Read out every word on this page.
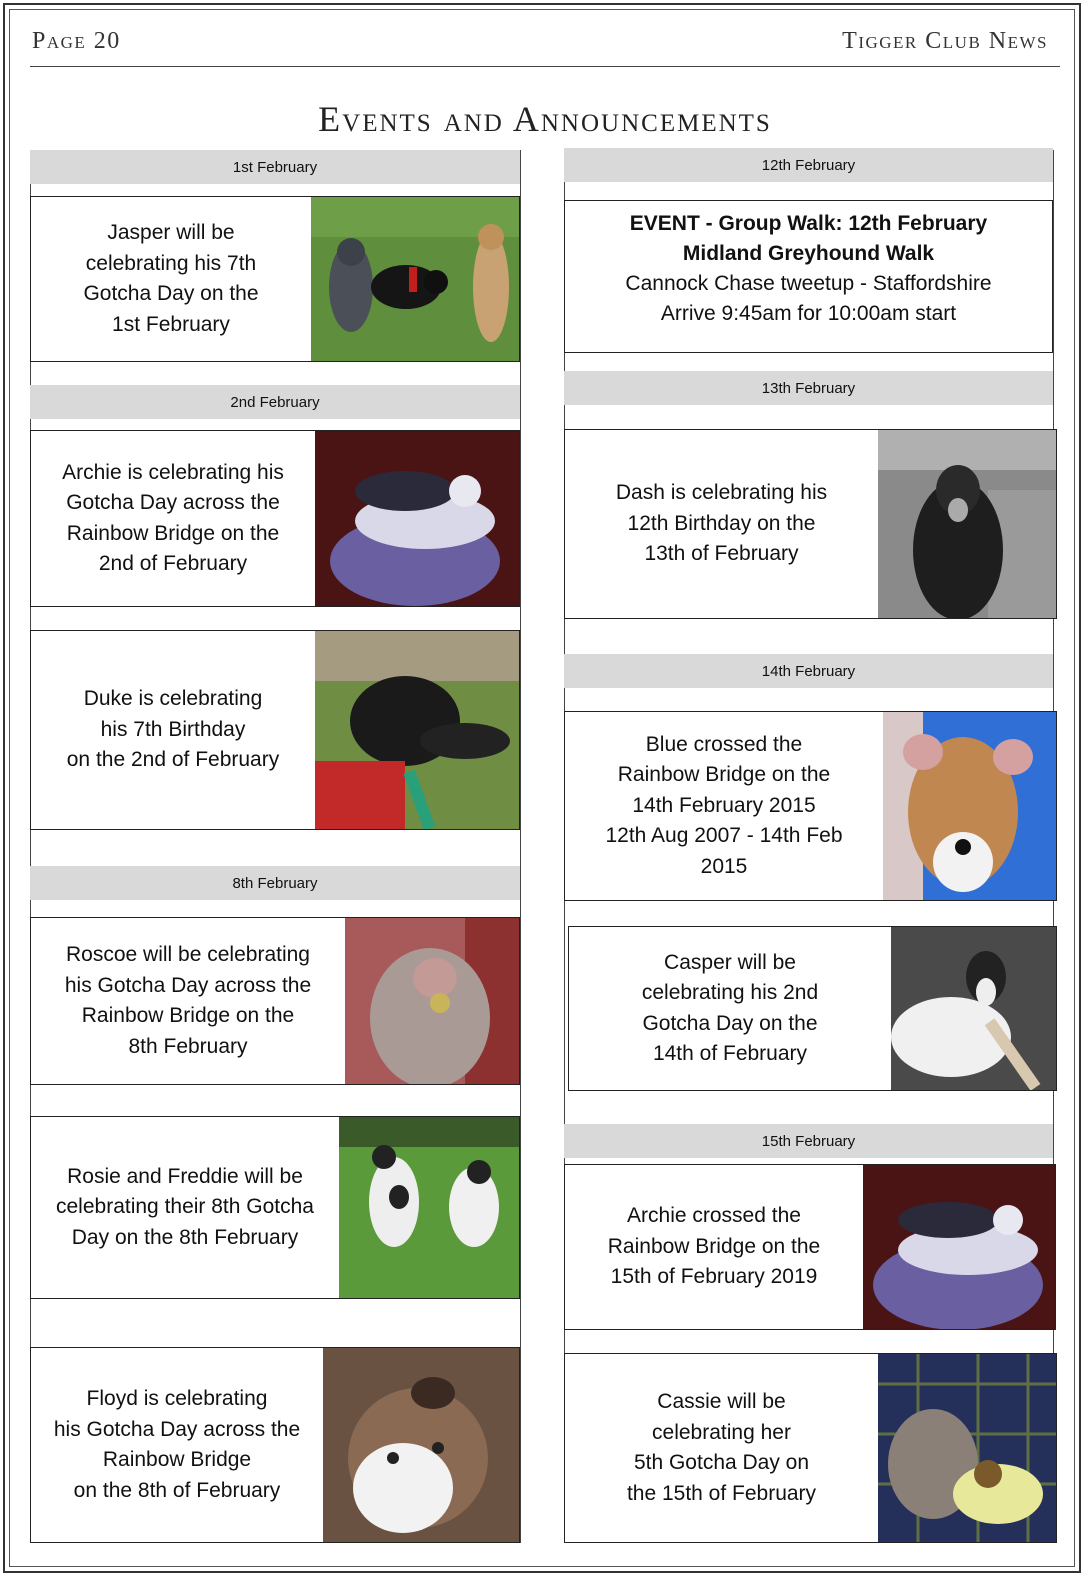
Page 20	Tigger Club News
Events and Announcements
1st February
Jasper will be
celebrating his 7th
Gotcha Day on the
1st February
2nd February
Archie is celebrating his
Gotcha Day across the
Rainbow Bridge on the
2nd of February
Duke is celebrating
his 7th Birthday
on the 2nd of February
8th February
Roscoe will be celebrating
his Gotcha Day across the
Rainbow Bridge on the
8th February
Rosie and Freddie will be
celebrating their 8th Gotcha
Day on the 8th February
Floyd is celebrating
his Gotcha Day across the
Rainbow Bridge
on the 8th of February
12th February
EVENT - Group Walk: 12th February
Midland Greyhound Walk
Cannock Chase tweetup - Staffordshire
Arrive 9:45am for 10:00am start
13th February
Dash is celebrating his
12th Birthday on the
13th of February
14th February
Blue crossed the
Rainbow Bridge on the
14th February 2015
12th Aug 2007 - 14th Feb
2015
Casper will be
celebrating his 2nd
Gotcha Day on the
14th of February
15th February
Archie crossed the
Rainbow Bridge on the
15th of February 2019
Cassie will be
celebrating her
5th Gotcha Day on
the 15th of February
